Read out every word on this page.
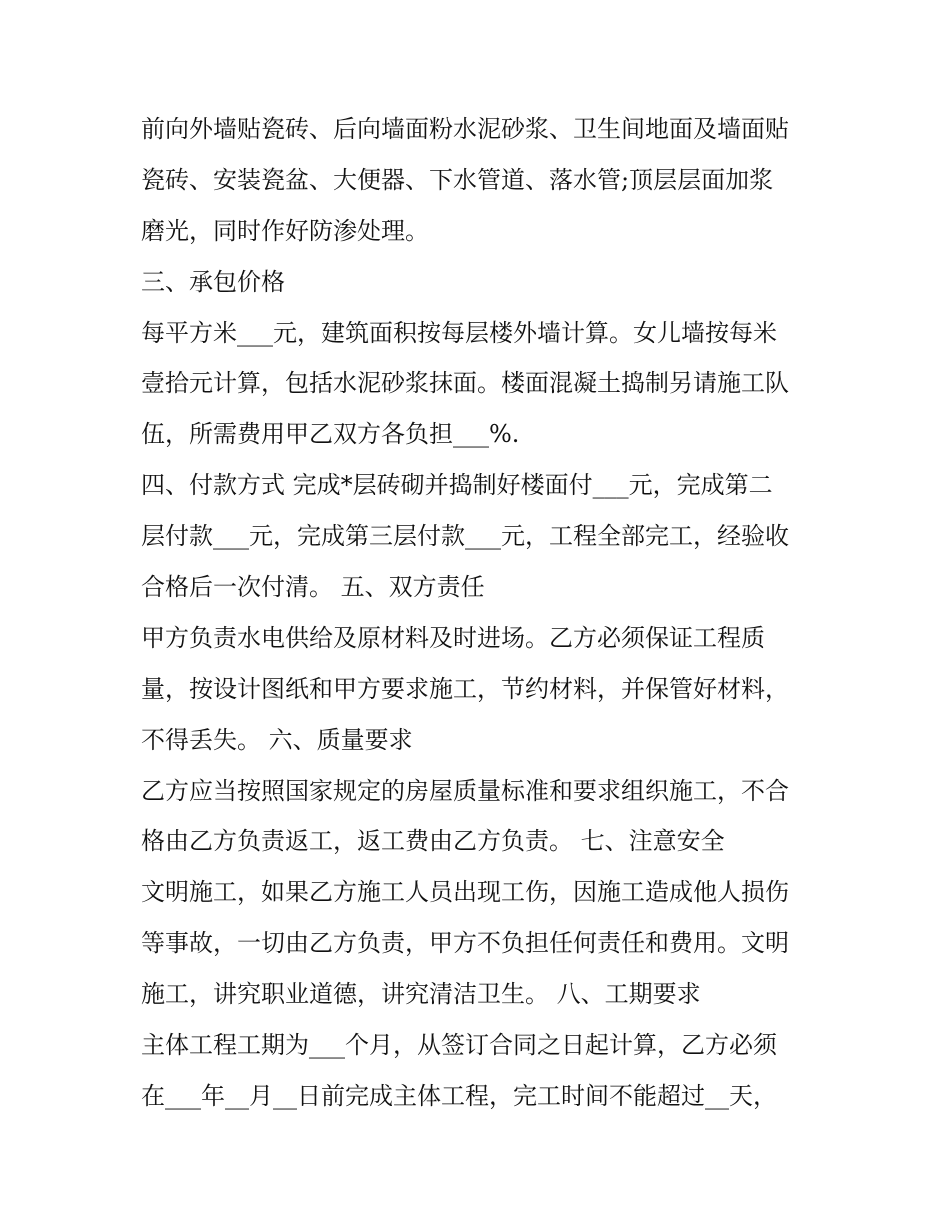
前向外墙贴瓷砖、后向墙面粉水泥砂浆、卫生间地面及墙面贴
瓷砖、安装瓷盆、大便器、下水管道、落水管;顶层层面加浆
磨光，同时作好防渗处理。
三、承包价格
每平方米___元，建筑面积按每层楼外墙计算。女儿墙按每米
壹拾元计算，包括水泥砂浆抹面。楼面混凝土捣制另请施工队
伍，所需费用甲乙双方各负担___%.
四、付款方式 完成*层砖砌并捣制好楼面付___元，完成第二
层付款___元，完成第三层付款___元，工程全部完工，经验收
合格后一次付清。 五、双方责任
甲方负责水电供给及原材料及时进场。乙方必须保证工程质
量，按设计图纸和甲方要求施工，节约材料，并保管好材料，
不得丢失。 六、质量要求
乙方应当按照国家规定的房屋质量标准和要求组织施工，不合
格由乙方负责返工，返工费由乙方负责。 七、注意安全
文明施工，如果乙方施工人员出现工伤，因施工造成他人损伤
等事故，一切由乙方负责，甲方不负担任何责任和费用。文明
施工，讲究职业道德，讲究清洁卫生。 八、工期要求
主体工程工期为___个月，从签订合同之日起计算，乙方必须
在___年__月__日前完成主体工程，完工时间不能超过__天，
